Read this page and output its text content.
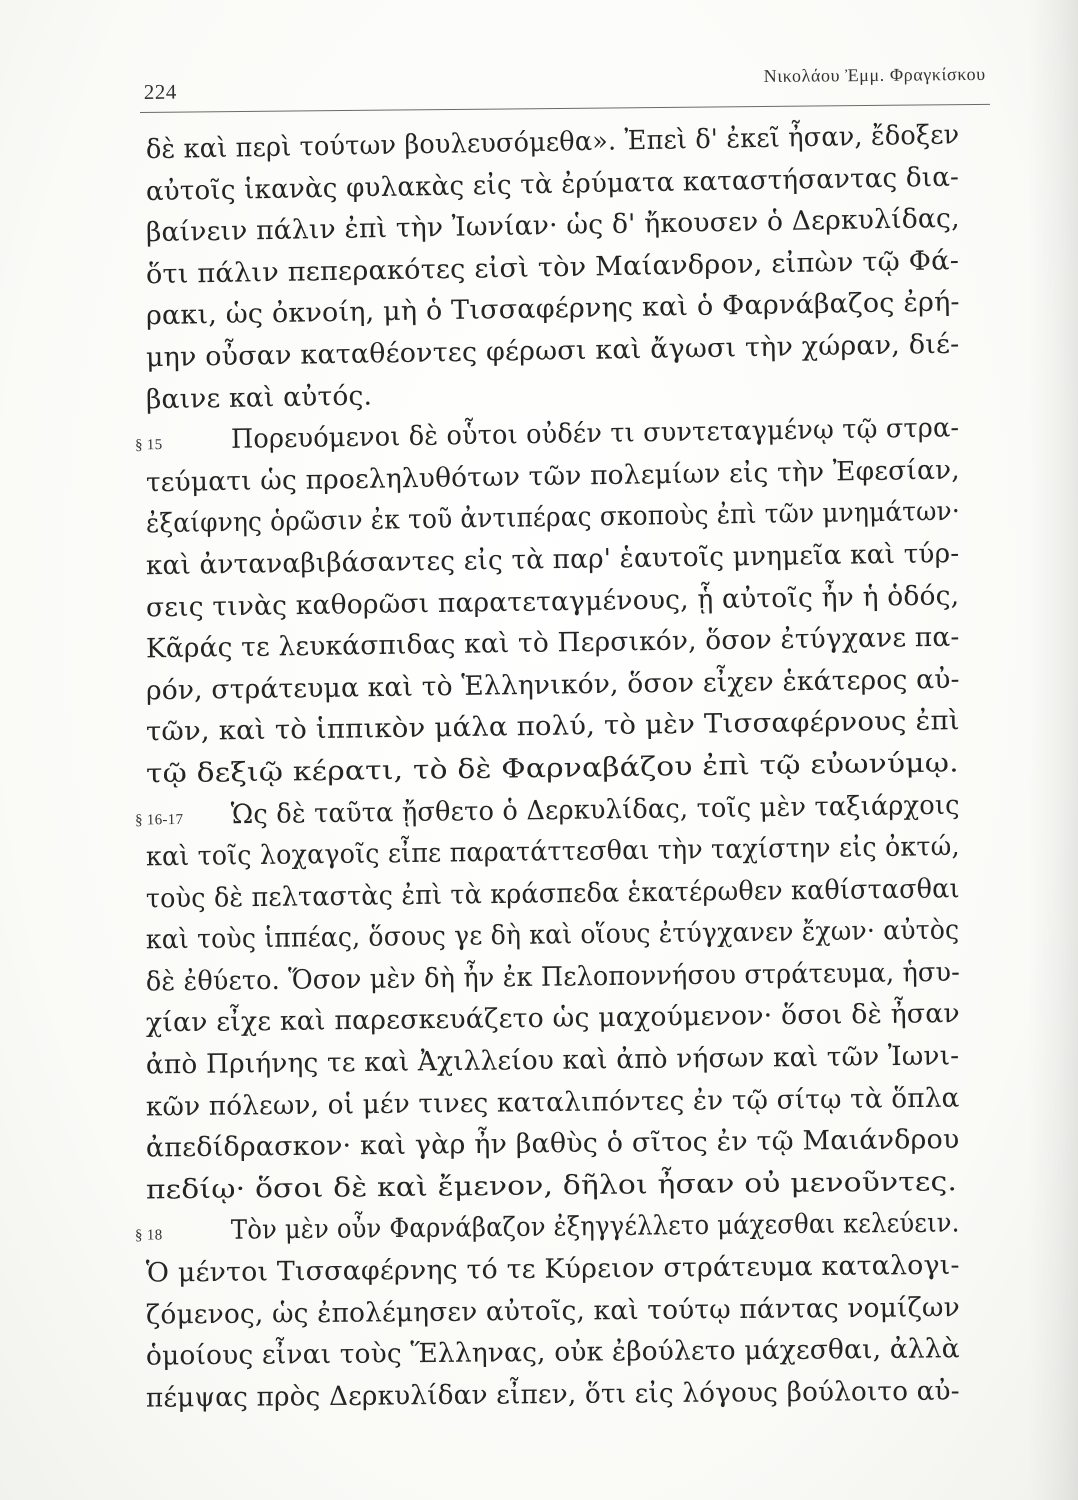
224
Νικολάου Ἐμμ. Φραγκίσκου
δὲ καὶ περὶ τούτων βουλευσόμεθα». Ἐπεὶ δ' ἐκεῖ ἦσαν, ἔδοξεν
αὐτοῖς ἱκανὰς φυλακὰς εἰς τὰ ἐρύματα καταστήσαντας δια-
βαίνειν πάλιν ἐπὶ τὴν Ἰωνίαν· ὡς δ' ἤκουσεν ὁ Δερκυλίδας,
ὅτι πάλιν πεπερακότες εἰσὶ τὸν Μαίανδρον, εἰπὼν τῷ Φά-
ρακι, ὡς ὀκνοίη, μὴ ὁ Τισσαφέρνης καὶ ὁ Φαρνάβαζος ἐρή-
μην οὖσαν καταθέοντες φέρωσι καὶ ἄγωσι τὴν χώραν, διέ-
βαινε καὶ αὐτός.
§ 15	Πορευόμενοι δὲ οὗτοι οὐδέν τι συντεταγμένῳ τῷ στρα-
τεύματι ὡς προεληλυθότων τῶν πολεμίων εἰς τὴν Ἐφεσίαν,
ἐξαίφνης ὁρῶσιν ἐκ τοῦ ἀντιπέρας σκοποὺς ἐπὶ τῶν μνημάτων·
καὶ ἀνταναβιβάσαντες εἰς τὰ παρ' ἑαυτοῖς μνημεῖα καὶ τύρ-
σεις τινὰς καθορῶσι παρατεταγμένους, ᾗ αὐτοῖς ἦν ἡ ὁδός,
Κᾶράς τε λευκάσπιδας καὶ τὸ Περσικόν, ὅσον ἐτύγχανε πα-
ρόν, στράτευμα καὶ τὸ Ἑλληνικόν, ὅσον εἶχεν ἑκάτερος αὐ-
τῶν, καὶ τὸ ἱππικὸν μάλα πολύ, τὸ μὲν Τισσαφέρνους ἐπὶ
τῷ δεξιῷ κέρατι, τὸ δὲ Φαρναβάζου ἐπὶ τῷ εὐωνύμῳ.
§ 16-17 Ὡς δὲ ταῦτα ᾔσθετο ὁ Δερκυλίδας, τοῖς μὲν ταξιάρχοις
καὶ τοῖς λοχαγοῖς εἶπε παρατάττεσθαι τὴν ταχίστην εἰς ὀκτώ,
τοὺς δὲ πελταστὰς ἐπὶ τὰ κράσπεδα ἑκατέρωθεν καθίστασθαι
καὶ τοὺς ἱππέας, ὅσους γε δὴ καὶ οἵους ἐτύγχανεν ἔχων· αὐτὸς
δὲ ἐθύετο. Ὅσον μὲν δὴ ἦν ἐκ Πελοποννήσου στράτευμα, ἡσυ-
χίαν εἶχε καὶ παρεσκευάζετο ὡς μαχούμενον· ὅσοι δὲ ἦσαν
ἀπὸ Πριήνης τε καὶ Ἀχιλλείου καὶ ἀπὸ νήσων καὶ τῶν Ἰωνι-
κῶν πόλεων, οἱ μέν τινες καταλιπόντες ἐν τῷ σίτῳ τὰ ὅπλα
ἀπεδίδρασκον· καὶ γὰρ ἦν βαθὺς ὁ σῖτος ἐν τῷ Μαιάνδρου
πεδίῳ· ὅσοι δὲ καὶ ἔμενον, δῆλοι ἦσαν οὐ μενοῦντες.
§ 18	Τὸν μὲν οὖν Φαρνάβαζον ἐξηγγέλλετο μάχεσθαι κελεύειν.
Ὁ μέντοι Τισσαφέρνης τό τε Κύρειον στράτευμα καταλογι-
ζόμενος, ὡς ἐπολέμησεν αὐτοῖς, καὶ τούτῳ πάντας νομίζων
ὁμοίους εἶναι τοὺς Ἕλληνας, οὐκ ἐβούλετο μάχεσθαι, ἀλλὰ
πέμψας πρὸς Δερκυλίδαν εἶπεν, ὅτι εἰς λόγους βούλοιτο αὐ-
